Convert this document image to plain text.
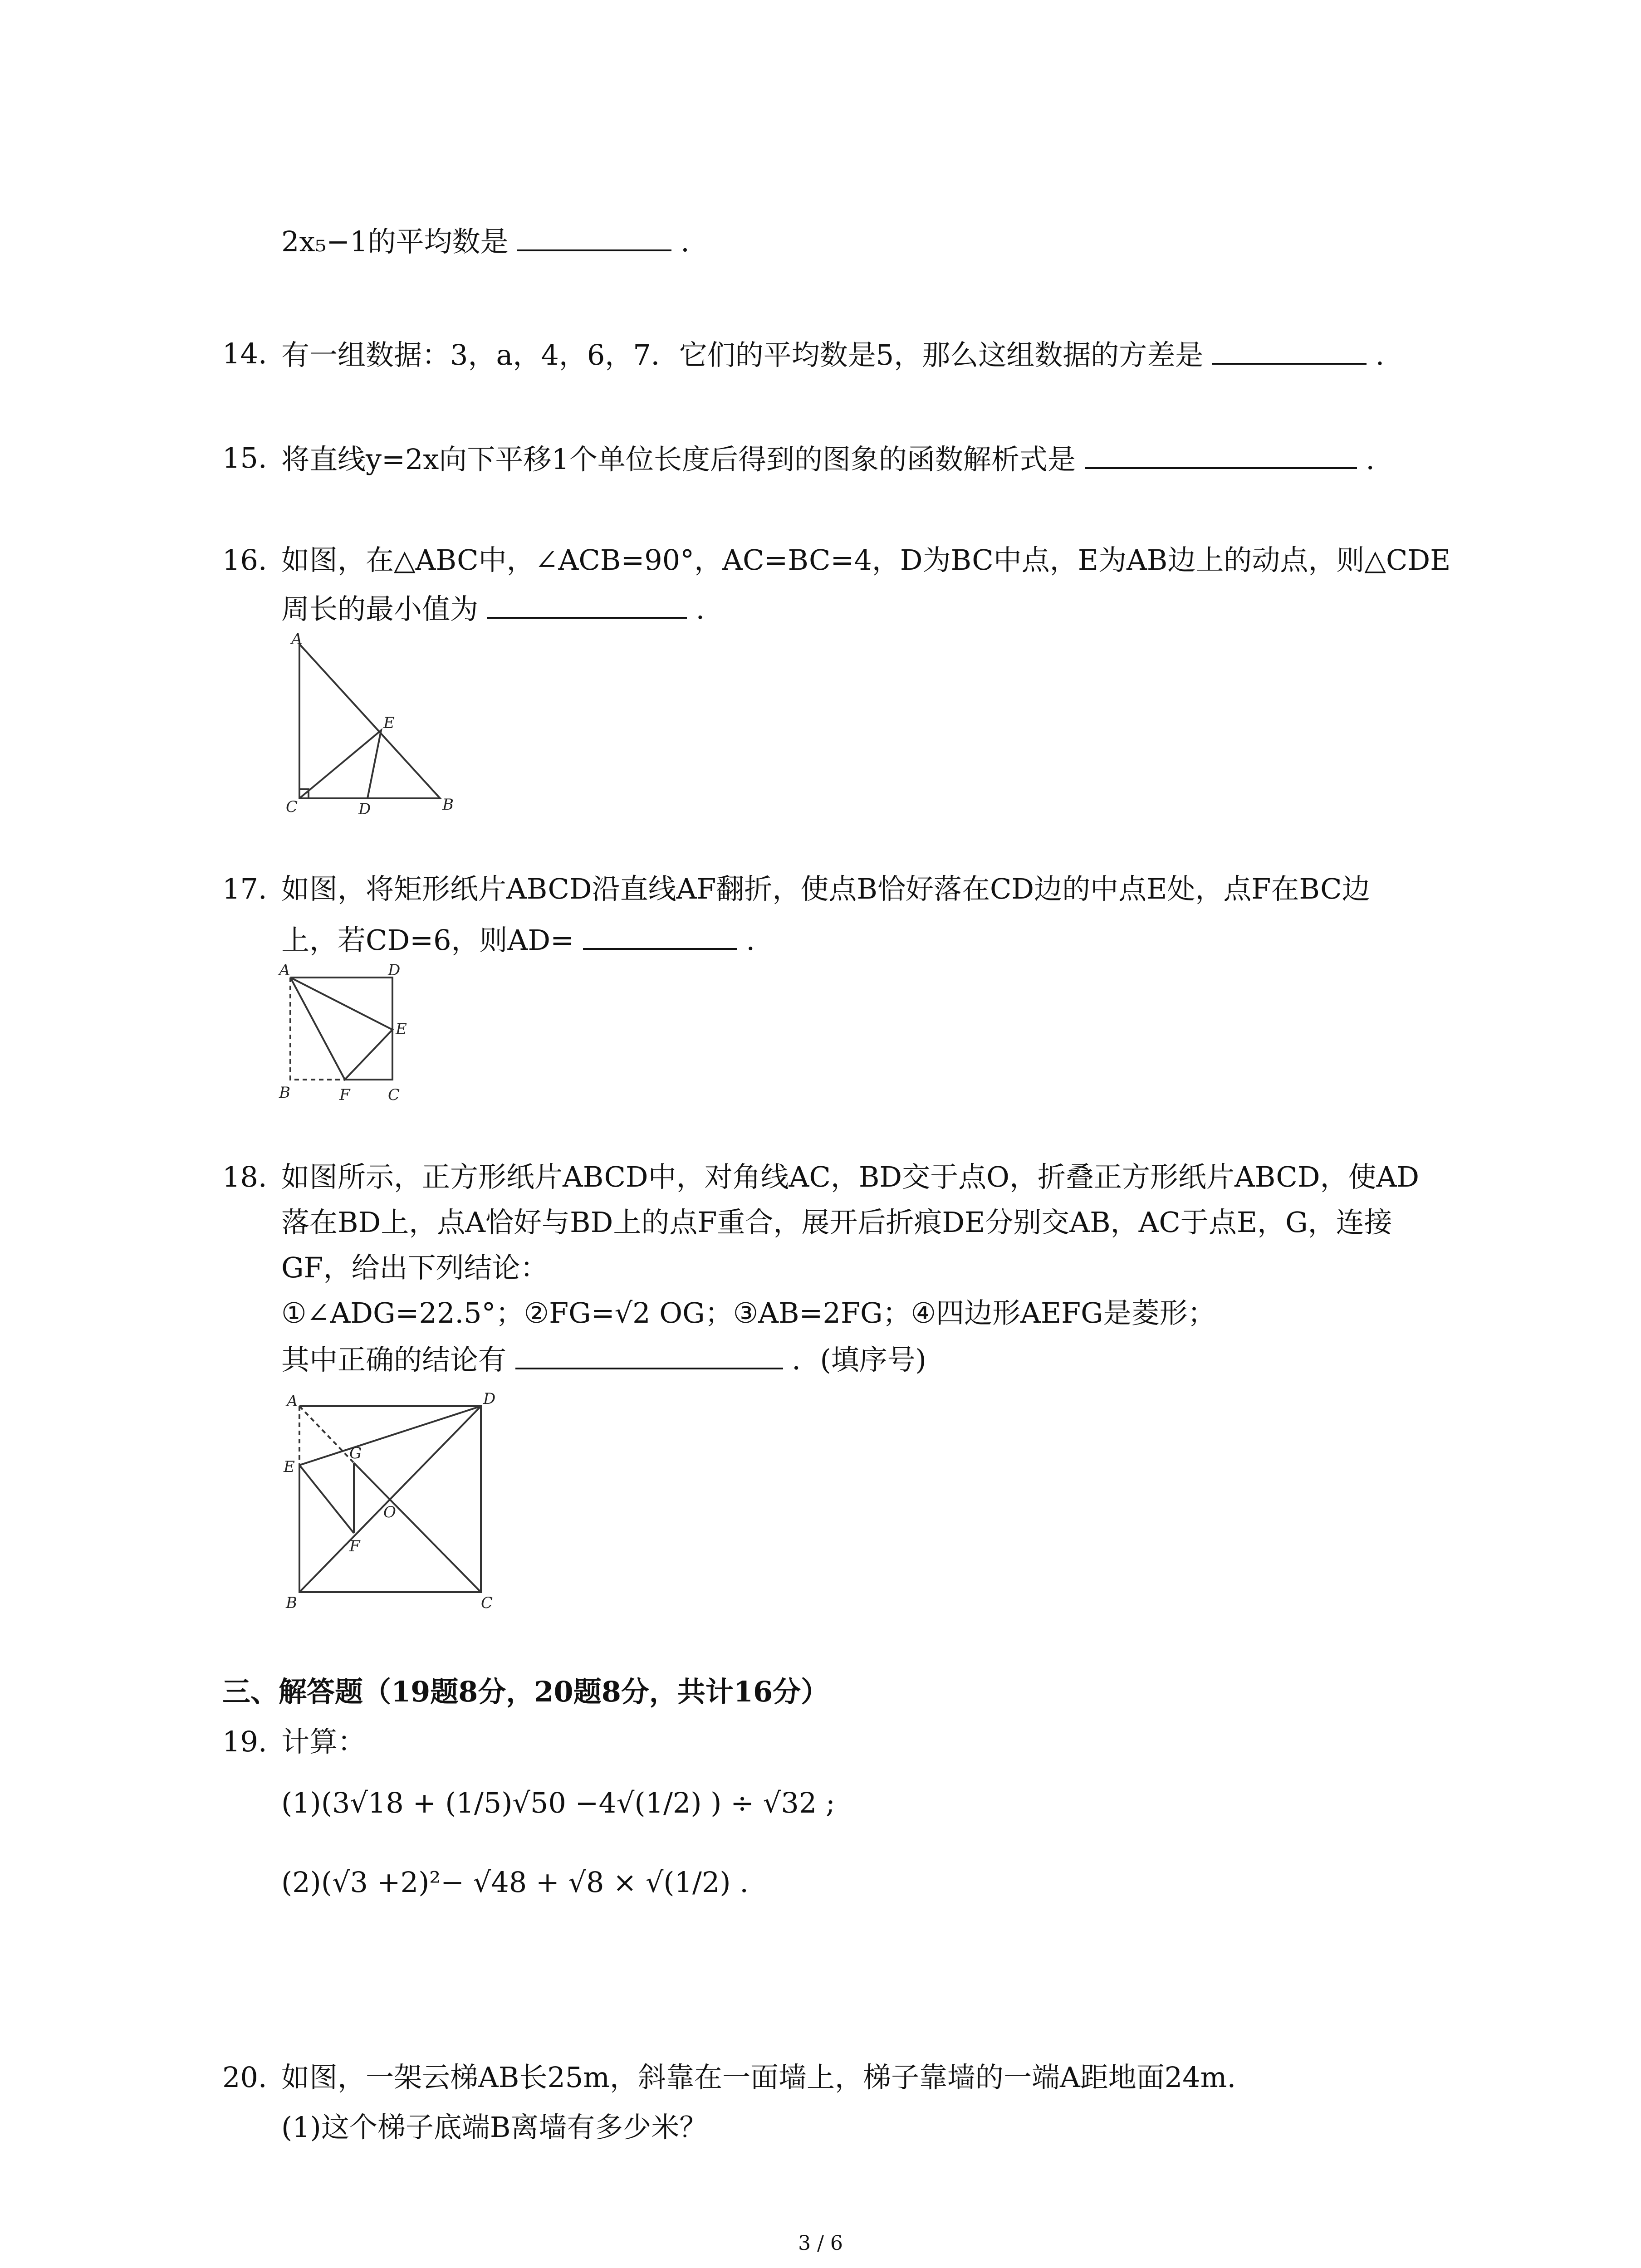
2x₅−1的平均数是	.
14. 有一组数据：3，a，4，6，7．它们的平均数是5，那么这组数据的方差是	.
15. 将直线y=2x向下平移1个单位长度后得到的图象的函数解析式是	.
16. 如图，在△ABC中，∠ACB=90°，AC=BC=4，D为BC中点，E为AB边上的动点，则△CDE
周长的最小值为	.
A
C	D	B
E
17. 如图，将矩形纸片ABCD沿直线AF翻折，使点B恰好落在CD边的中点E处，点F在BC边
上，若CD=6，则AD=	.
A	D
E
B	F C
18. 如图所示，正方形纸片ABCD中，对角线AC，BD交于点O，折叠正方形纸片ABCD，使AD
落在BD上，点A恰好与BD上的点F重合，展开后折痕DE分别交AB，AC于点E，G，连接
GF，给出下列结论：
①∠ADG=22.5°；②FG=√2 OG；③AB=2FG；④四边形AEFG是菱形；
其中正确的结论有	．(填序号)
A	D
E
G
O
F
B	C
三、解答题（19题8分，20题8分，共计16分）
19. 计算：
(1)(3√18 + (1/5)√50 −4√(1/2) ) ÷ √32 ;
(2)(√3 +2)²− √48 + √8 × √(1/2) .
20. 如图，一架云梯AB长25m，斜靠在一面墙上，梯子靠墙的一端A距地面24m.
(1)这个梯子底端B离墙有多少米？
3 / 6
